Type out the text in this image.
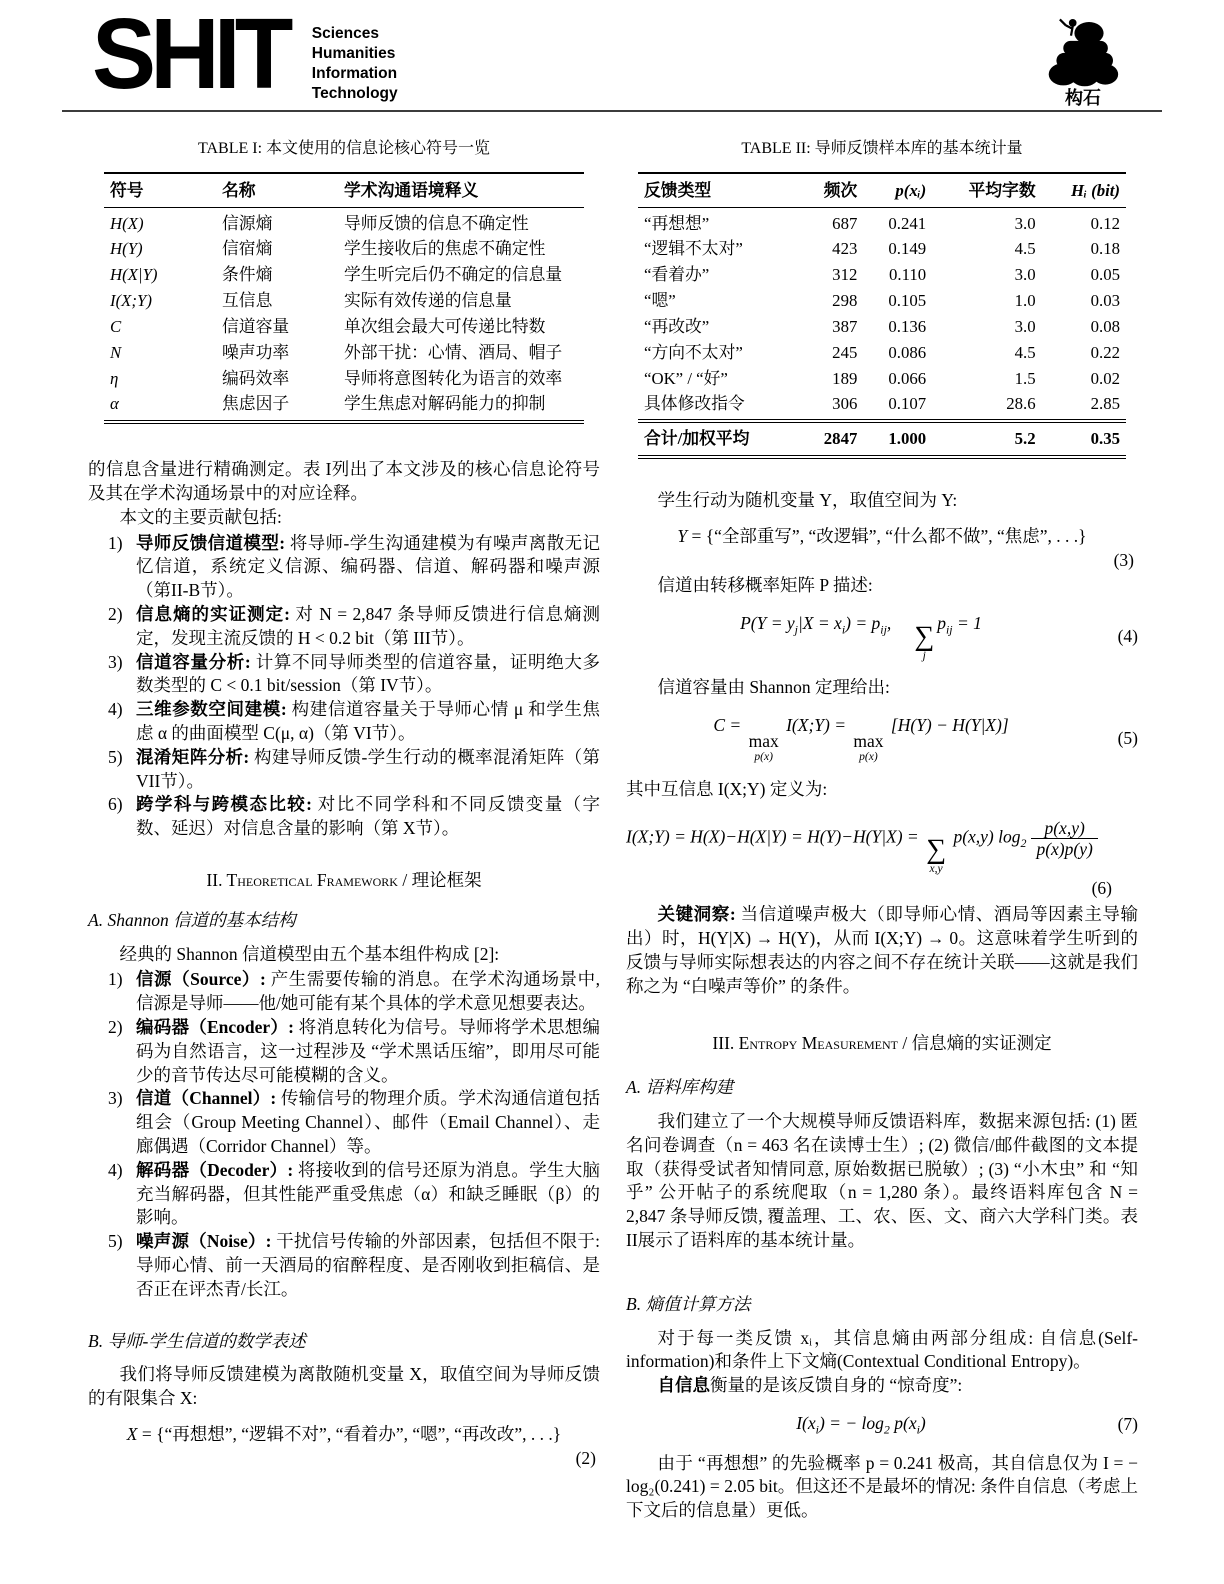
SHIT Sciences
Humanities
Information
Technology	构石
TABLE I: 本文使用的信息论核心符号一览
符号	名称	学术沟通语境释义
H(X)	信源熵	导师反馈的信息不确定性
H(Y)	信宿熵	学生接收后的焦虑不确定性
H(X|Y)	条件熵	学生听完后仍不确定的信息量
I(X;Y)	互信息	实际有效传递的信息量
C	信道容量	单次组会最大可传递比特数
N	噪声功率	外部干扰：心情、酒局、帽子
η	编码效率	导师将意图转化为语言的效率
α	焦虑因子	学生焦虑对解码能力的抑制

的信息含量进行精确测定。表 I列出了本文涉及的核心信息论符号及其在学术沟通场景中的对应诠释。

本文的主要贡献包括:

导师反馈信道模型: 将导师-学生沟通建模为有噪声离散无记忆信道，系统定义信源、编码器、信道、解码器和噪声源（第II-B节）。
信息熵的实证测定: 对 N = 2,847 条导师反馈进行信息熵测定，发现主流反馈的 H < 0.2 bit（第 III节）。
信道容量分析: 计算不同导师类型的信道容量，证明绝大多数类型的 C < 0.1 bit/session（第 IV节）。
三维参数空间建模: 构建信道容量关于导师心情 μ 和学生焦虑 α 的曲面模型 C(μ, α)（第 VI节）。
混淆矩阵分析: 构建导师反馈-学生行动的概率混淆矩阵（第 VII节）。
跨学科与跨模态比较: 对比不同学科和不同反馈变量（字数、延迟）对信息含量的影响（第 X节）。
II. Theoretical Framework / 理论框架
A. Shannon 信道的基本结构

经典的 Shannon 信道模型由五个基本组件构成 [2]:

信源（Source）: 产生需要传输的消息。在学术沟通场景中, 信源是导师——他/她可能有某个具体的学术意见想要表达。
编码器（Encoder）: 将消息转化为信号。导师将学术思想编码为自然语言，这一过程涉及 “学术黑话压缩”，即用尽可能少的音节传达尽可能模糊的含义。
信道（Channel）: 传输信号的物理介质。学术沟通信道包括组会（Group Meeting Channel）、邮件（Email Channel）、走廊偶遇（Corridor Channel）等。
解码器（Decoder）: 将接收到的信号还原为消息。学生大脑充当解码器，但其性能严重受焦虑（α）和缺乏睡眠（β）的影响。
噪声源（Noise）: 干扰信号传输的外部因素，包括但不限于: 导师心情、前一天酒局的宿醉程度、是否刚收到拒稿信、是否正在评杰青/长江。
B. 导师-学生信道的数学表述

我们将导师反馈建模为离散随机变量 X，取值空间为导师反馈的有限集合 X:

X = {“再想想”, “逻辑不对”, “看着办”, “嗯”, “再改改”, . . .}
(2)
TABLE II: 导师反馈样本库的基本统计量
反馈类型	频次	p(xᵢ)	平均字数	Hᵢ (bit)
“再想想”	687	0.241	3.0	0.12
“逻辑不太对”	423	0.149	4.5	0.18
“看着办”	312	0.110	3.0	0.05
“嗯”	298	0.105	1.0	0.03
“再改改”	387	0.136	3.0	0.08
“方向不太对”	245	0.086	4.5	0.22
“OK” / “好”	189	0.066	1.5	0.02
具体修改指令	306	0.107	28.6	2.85
合计/加权平均	2847	1.000	5.2	0.35

学生行动为随机变量 Y，取值空间为 Y:

Y = {“全部重写”, “改逻辑”, “什么都不做”, “焦虑”, . . .}
(3)

信道由转移概率矩阵 P 描述:

$P(Y = y_j|X = x_i) = p_{ij}$, ∑
j
$p_{ij} = 1$
(4)

信道容量由 Shannon 定理给出:

C =
max
p(x)
I(X;Y) =
max
p(x)
[H(Y) − H(Y|X)]
(5)

其中互信息 I(X;Y) 定义为:

I(X;Y) = H(X)−H(X|Y) = H(Y)−H(Y|X) = ∑
x,y
p(x,y) $\log_2 \frac{p(x,y)}{p(x)p(y)}$
(6)

关键洞察: 当信道噪声极大（即导师心情、酒局等因素主导输出）时，H(Y|X) → H(Y)，从而 I(X;Y) → 0。这意味着学生听到的反馈与导师实际想表达的内容之间不存在统计关联——这就是我们称之为 “白噪声等价” 的条件。

III. Entropy Measurement / 信息熵的实证测定
A. 语料库构建

我们建立了一个大规模导师反馈语料库，数据来源包括: (1) 匿名问卷调查（n = 463 名在读博士生）; (2) 微信/邮件截图的文本提取（获得受试者知情同意, 原始数据已脱敏）; (3) “小木虫” 和 “知乎” 公开帖子的系统爬取（n = 1,280 条）。最终语料库包含 N = 2,847 条导师反馈, 覆盖理、工、农、医、文、商六大学科门类。表 II展示了语料库的基本统计量。

B. 熵值计算方法

对于每一类反馈 xᵢ，其信息熵由两部分组成: 自信息(Self-information)和条件上下文熵(Contextual Conditional Entropy)。

自信息衡量的是该反馈自身的 “惊奇度”:

$I(x_i)$ = − $\log_2 p(x_i)$	(7)

由于 “再想想” 的先验概率 p = 0.241 极高，其自信息仅为 I = − log₂(0.241) = 2.05 bit。但这还不是最坏的情况: 条件自信息（考虑上下文后的信息量）更低。
